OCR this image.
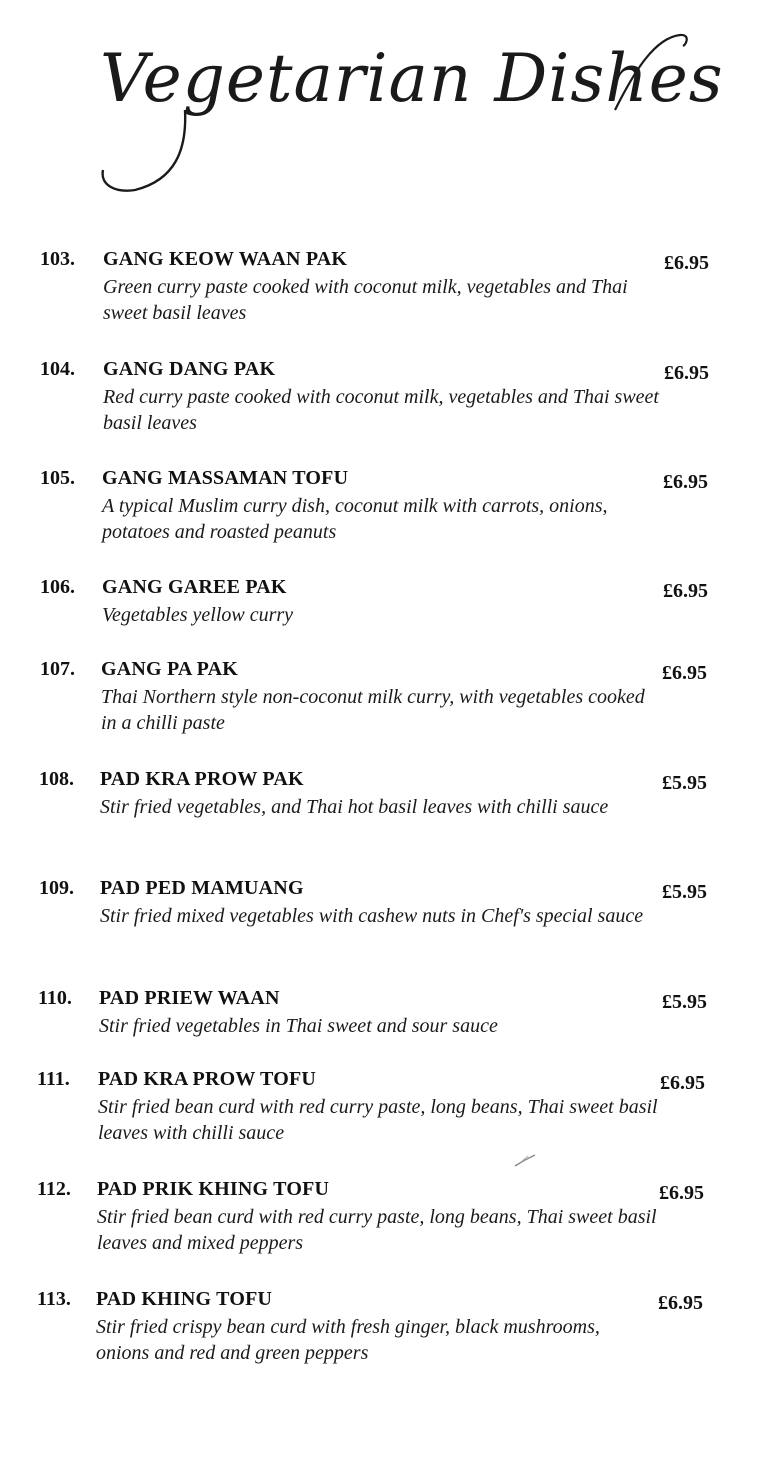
Vegetarian Dishes
103. GANG KEOW WAAN PAK
Green curry paste cooked with coconut milk, vegetables and Thai sweet basil leaves
£6.95
104. GANG DANG PAK
Red curry paste cooked with coconut milk, vegetables and Thai sweet basil leaves
£6.95
105. GANG MASSAMAN TOFU
A typical Muslim curry dish, coconut milk with carrots, onions, potatoes and roasted peanuts
£6.95
106. GANG GAREE PAK
Vegetables yellow curry
£6.95
107. GANG PA PAK
Thai Northern style non-coconut milk curry, with vegetables cooked in a chilli paste
£6.95
108. PAD KRA PROW PAK
Stir fried vegetables, and Thai hot basil leaves with chilli sauce
£5.95
109. PAD PED MAMUANG
Stir fried mixed vegetables with cashew nuts in Chef's special sauce
£5.95
110. PAD PRIEW WAAN
Stir fried vegetables in Thai sweet and sour sauce
£5.95
111. PAD KRA PROW TOFU
Stir fried bean curd with red curry paste, long beans, Thai sweet basil leaves with chilli sauce
£6.95
112. PAD PRIK KHING TOFU
Stir fried bean curd with red curry paste, long beans, Thai sweet basil leaves and mixed peppers
£6.95
113. PAD KHING TOFU
Stir fried crispy bean curd with fresh ginger, black mushrooms, onions and red and green peppers
£6.95
